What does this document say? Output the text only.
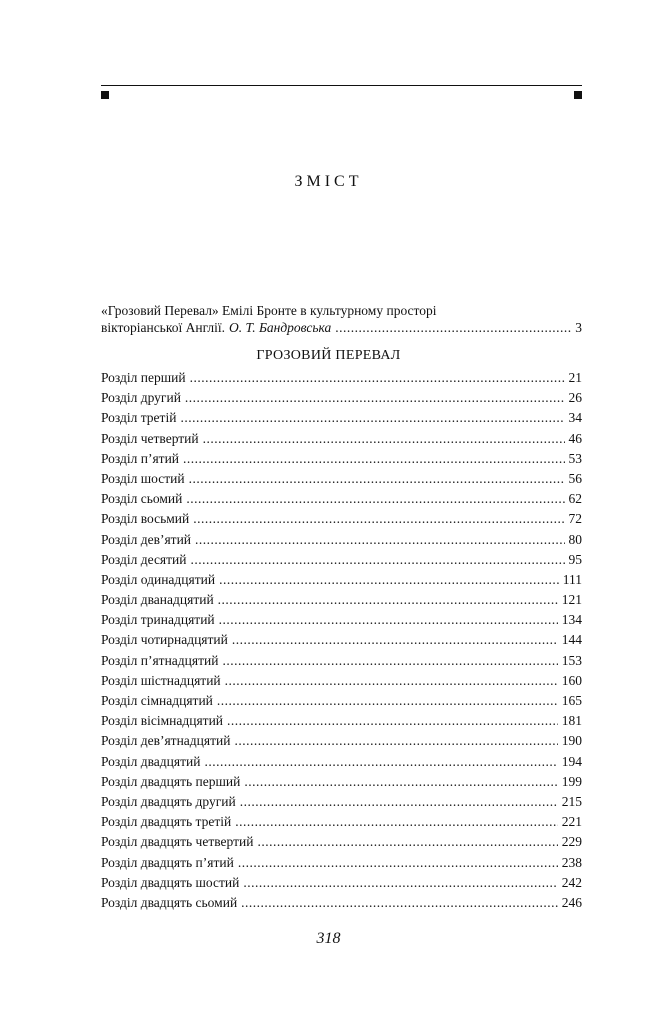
ЗМІСТ
«Грозовий Перевал» Емілі Бронте в культурному просторі
вікторіанської Англії. О. Т. Бандровська .....	3
ГРОЗОВИЙ ПЕРЕВАЛ
Розділ перший .....	21
Розділ другий .....	26
Розділ третій .....	34
Розділ четвертий .....	46
Розділ п’ятий .....	53
Розділ шостий .....	56
Розділ сьомий .....	62
Розділ восьмий .....	72
Розділ дев’ятий .....	80
Розділ десятий .....	95
Розділ одинадцятий .....	111
Розділ дванадцятий .....	121
Розділ тринадцятий .....	134
Розділ чотирнадцятий .....	144
Розділ п’ятнадцятий .....	153
Розділ шістнадцятий .....	160
Розділ сімнадцятий .....	165
Розділ вісімнадцятий .....	181
Розділ дев’ятнадцятий .....	190
Розділ двадцятий .....	194
Розділ двадцять перший .....	199
Розділ двадцять другий .....	215
Розділ двадцять третій .....	221
Розділ двадцять четвертий .....	229
Розділ двадцять п’ятий .....	238
Розділ двадцять шостий .....	242
Розділ двадцять сьомий .....	246
318
